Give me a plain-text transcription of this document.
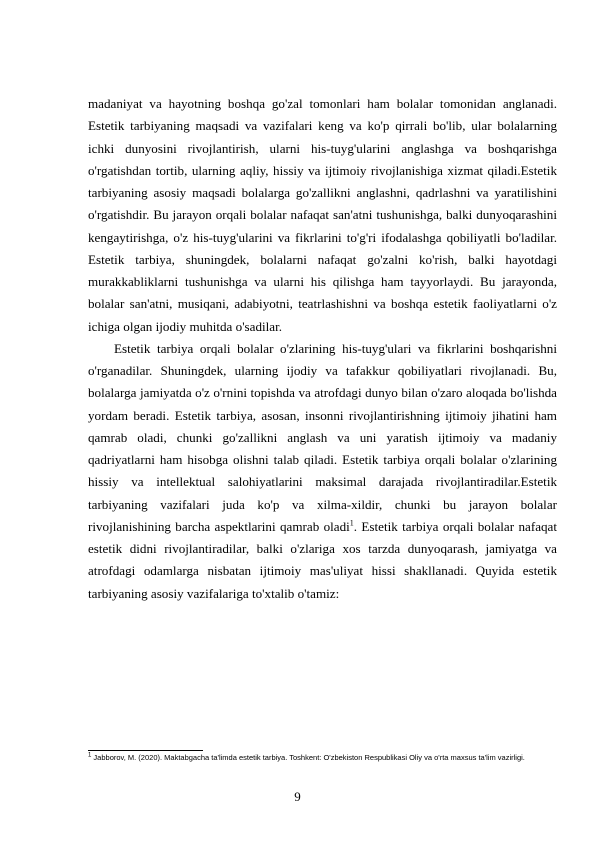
madaniyat va hayotning boshqa go'zal tomonlari ham bolalar tomonidan anglanadi. Estetik tarbiyaning maqsadi va vazifalari keng va ko'p qirrali bo'lib, ular bolalarning ichki dunyosini rivojlantirish, ularni his-tuyg'ularini anglashga va boshqarishga o'rgatishdan tortib, ularning aqliy, hissiy va ijtimoiy rivojlanishiga xizmat qiladi.Estetik tarbiyaning asosiy maqsadi bolalarga go'zallikni anglashni, qadrlashni va yaratilishini o'rgatishdir. Bu jarayon orqali bolalar nafaqat san'atni tushunishga, balki dunyoqarashini kengaytirishga, o'z his-tuyg'ularini va fikrlarini to'g'ri ifodalashga qobiliyatli bo'ladilar. Estetik tarbiya, shuningdek, bolalarni nafaqat go'zalni ko'rish, balki hayotdagi murakkabliklarni tushunishga va ularni his qilishga ham tayyorlaydi. Bu jarayonda, bolalar san'atni, musiqani, adabiyotni, teatrlashishni va boshqa estetik faoliyatlarni o'z ichiga olgan ijodiy muhitda o'sadilar.

Estetik tarbiya orqali bolalar o'zlarining his-tuyg'ulari va fikrlarini boshqarishni o'rganadilar. Shuningdek, ularning ijodiy va tafakkur qobiliyatlari rivojlanadi. Bu, bolalarga jamiyatda o'z o'rnini topishda va atrofdagi dunyo bilan o'zaro aloqada bo'lishda yordam beradi. Estetik tarbiya, asosan, insonni rivojlantirishning ijtimoiy jihatini ham qamrab oladi, chunki go'zallikni anglash va uni yaratish ijtimoiy va madaniy qadriyatlarni ham hisobga olishni talab qiladi. Estetik tarbiya orqali bolalar o'zlarining hissiy va intellektual salohiyatlarini maksimal darajada rivojlantiradilar.Estetik tarbiyaning vazifalari juda ko'p va xilma-xildir, chunki bu jarayon bolalar rivojlanishining barcha aspektlarini qamrab oladi$^1$. Estetik tarbiya orqali bolalar nafaqat estetik didni rivojlantiradilar, balki o'zlariga xos tarzda dunyoqarash, jamiyatga va atrofdagi odamlarga nisbatan ijtimoiy mas'uliyat hissi shakllanadi. Quyida estetik tarbiyaning asosiy vazifalariga to'xtalib o'tamiz:

$^1$ Jabborov, M. (2020). Maktabgacha ta'limda estetik tarbiya. Toshkent: O'zbekiston Respublikasi Oliy va o'rta maxsus ta'lim vazirligi.
9
